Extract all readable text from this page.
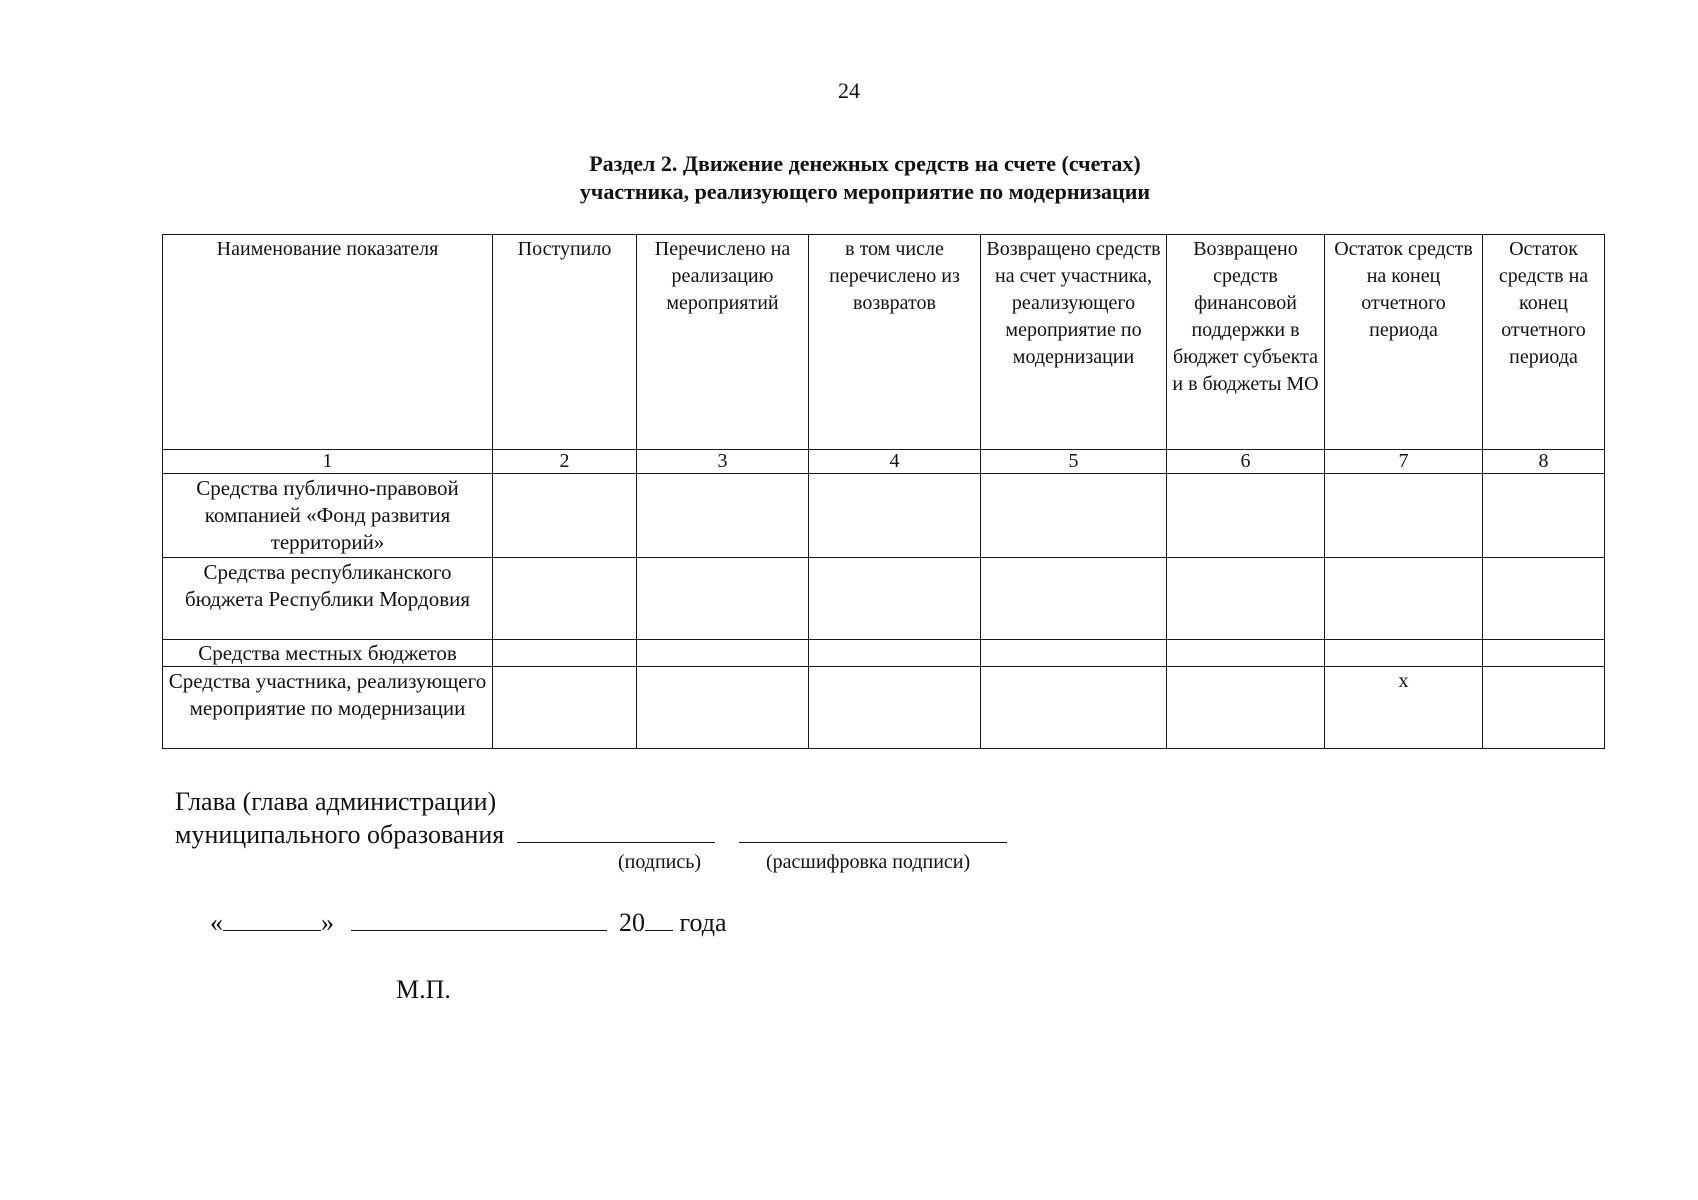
24
Раздел 2. Движение денежных средств на счете (счетах)
участника, реализующего мероприятие по модернизации
Наименование показателя	Поступило	Перечислено на реализацию мероприятий	в том числе перечислено из возвратов	Возвращено средств на счет участника, реализующего мероприятие по модернизации	Возвращено средств финансовой поддержки в бюджет субъекта и в бюджеты МО	Остаток средств на конец отчетного периода	Остаток средств на конец отчетного периода
1	2	3	4	5	6	7	8
Средства публично-правовой компанией «Фонд развития территорий»							
Средства республиканского бюджета Республики Мордовия							
Средства местных бюджетов							
Средства участника, реализующего мероприятие по модернизации						x	
Глава (глава администрации)
муниципального образования
(подпись)	(расшифровка подписи)
«	»	20 года
М.П.
